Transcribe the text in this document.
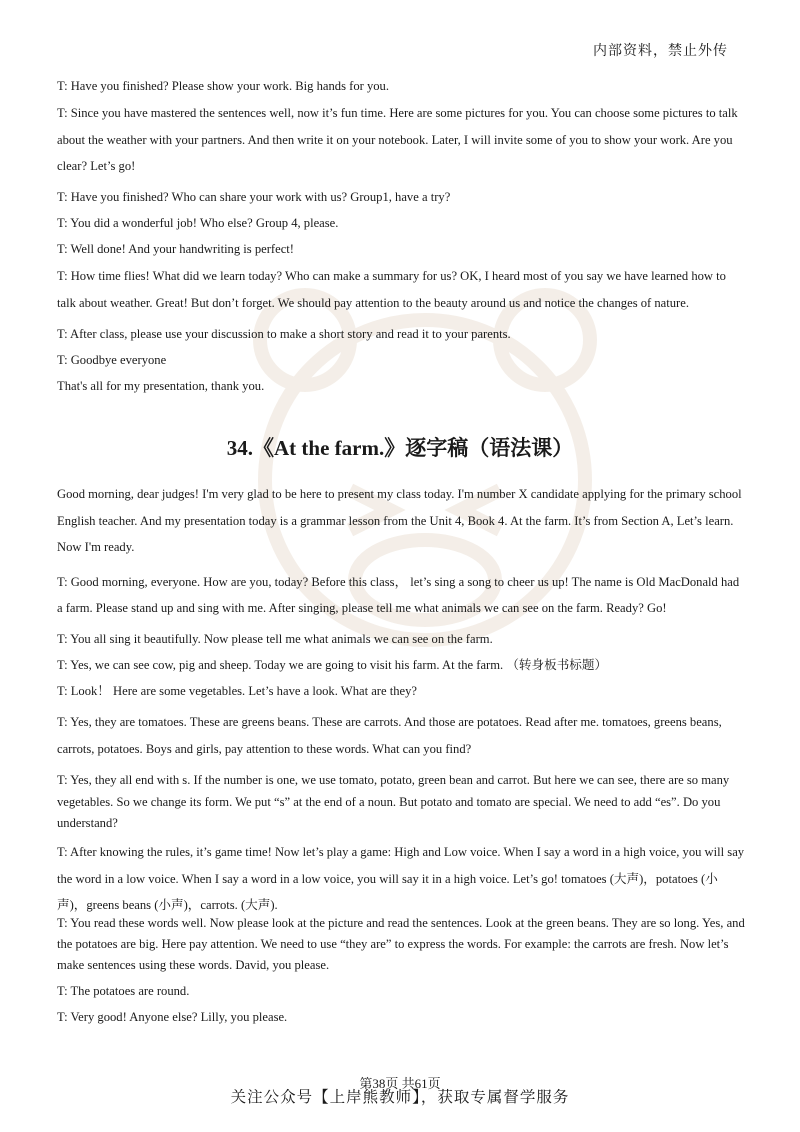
内部资料，禁止外传

T: Have you finished? Please show your work. Big hands for you.

T: Since you have mastered the sentences well, now it’s fun time. Here are some pictures for you. You can choose some pictures to talk about the weather with your partners. And then write it on your notebook. Later, I will invite some of you to show your work. Are you clear? Let’s go!

T: Have you finished? Who can share your work with us? Group1, have a try?

T: You did a wonderful job! Who else? Group 4, please.

T: Well done! And your handwriting is perfect!

T: How time flies! What did we learn today? Who can make a summary for us? OK, I heard most of you say we have learned how to talk about weather. Great! But don’t forget. We should pay attention to the beauty around us and notice the changes of nature.

T: After class, please use your discussion to make a short story and read it to your parents.

T: Goodbye everyone

That's all for my presentation, thank you.

34.《At the farm.》逐字稿（语法课）

Good morning, dear judges! I'm very glad to be here to present my class today. I'm number X candidate applying for the primary school English teacher. And my presentation today is a grammar lesson from the Unit 4, Book 4. At the farm. It’s from Section A, Let’s learn. Now I'm ready.

T: Good morning, everyone. How are you, today? Before this class， let’s sing a song to cheer us up! The name is Old MacDonald had a farm. Please stand up and sing with me. After singing, please tell me what animals we can see on the farm. Ready? Go!

T: You all sing it beautifully. Now please tell me what animals we can see on the farm.

T: Yes, we can see cow, pig and sheep. Today we are going to visit his farm. At the farm. （转身板书标题）

T: Look！ Here are some vegetables. Let’s have a look. What are they?

T: Yes, they are tomatoes. These are greens beans. These are carrots. And those are potatoes. Read after me. tomatoes, greens beans, carrots, potatoes. Boys and girls, pay attention to these words. What can you find?

T: Yes, they all end with s. If the number is one, we use tomato, potato, green bean and carrot. But here we can see, there are so many vegetables. So we change its form. We put “s” at the end of a noun. But potato and tomato are special. We need to add “es”. Do you understand?

T: After knowing the rules, it’s game time! Now let’s play a game: High and Low voice. When I say a word in a high voice, you will say the word in a low voice. When I say a word in a low voice, you will say it in a high voice. Let’s go! tomatoes (大声)，potatoes (小声)，greens beans (小声)，carrots. (大声).

T: You read these words well. Now please look at the picture and read the sentences. Look at the green beans. They are so long. Yes, and the potatoes are big. Here pay attention. We need to use “they are” to express the words. For example: the carrots are fresh. Now let’s make sentences using these words. David, you please.

T: The potatoes are round.

T: Very good! Anyone else? Lilly, you please.

第38页 共61页
关注公众号【上岸熊教师】，获取专属督学服务
